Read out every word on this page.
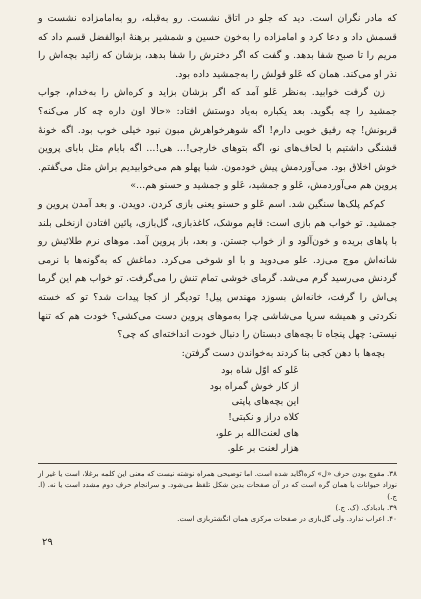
که مادر نگران است. دید که جلو در اتاق نشست. رو به‌قبله، رو به‌امامزاده نشست و قسمش داد و دعا کرد و امامزاده را به‌خون حسین و شمشیر برهنهٔ ابوالفضل قسم داد که مریم را تا صبح شفا بدهد. و گفت که اگر دخترش را شفا بدهد، بزشان که زائید بچه‌اش را نذر او می‌کند. همان که عَلو قولش را به‌جمشید داده بود.

زن گرفت خوابید. به‌نظر عَلو آمد که اگر بزشان بزاید و کره‌اش را به‌خدام، جواب جمشید را چه بگوید. بعد یکباره به‌یاد دوستش افتاد: «حالا اون داره چه کار می‌کنه؟ قربونش! چه رفیق خوبی دارم! اگه شوهرخواهرش مبون نبود خیلی خوب بود. اگه خونهٔ قشنگی داشتیم با لحاف‌های نو، اگه بتوهای خارجی!... هی!... اگه بابام مثل بابای پروین خوش اخلاق بود. می‌آوردمش پیش خودمون. شبا پهلو هم می‌خوابیدیم براش مثل می‌گفتم. پروین هم می‌آوردمش، عَلو و جمشید، عَلو و جمشید و حسنو هم...»

کم‌کم پلک‌ها سنگین شد. اسم عَلو و حسنو یعنی بازی کردن. دویدن. و بعد آمدن پروین و جمشید. تو خواب هم بازی است: قایم موشک، کاغذبازی، گل‌بازی، پائین افتادن ازنخلی بلند با پاهای بریده و خون‌آلود و از خواب جستن. و بعد، باز پروین آمد. موهای نرم طلائیش رو شانه‌اش موج می‌زد. علو می‌دوید و با او شوخی می‌کرد. دماغش که به‌گونه‌ها با نرمی گردنش می‌رسید گرم می‌شد. گرمای خوشی تمام تنش را می‌گرفت. تو خواب هم این گرما پی‌اش را گرفت، خانه‌اش بسوزد مهندس پیل! تودیگر از کجا پیدات شد؟ تو که خسته نکردتی و همیشه سرپا می‌شاشی چرا به‌موهای پروین دست می‌کشی؟ خودت هم که تنها نیستی: چهل پنجاه تا بچه‌های دبستان را دنبال خودت انداخته‌ای که چی؟

بچه‌ها با دهن کجی بنا کردند به‌خواندن دست گرفتن:

عَلو که اوّل شاه بود
از کار خوش گمراه بود
این بچه‌های پاپتی
کلاه دراز و نکبتی!
های لعنت‌الله بر علو،
هزار لعنت بر علو.

۳۸. مقوچ بودن حرف «ل» کره‌اگاید شده است. اما توضیحی همراه نوشته نیست که معنی این کلمه برغلا، است یا غیر از نوزاد حیوانات یا همان گره است که در آن صفحات بدین شکل تلفظ می‌شود. و سرانجام حرف دوم مشدد است یا نه. (ا. ج.)

۳۹. بادبادک. (ک. ج.)

۴۰. اعراب ندارد. ولی گل‌بازی در صفحات مرکزی همان انگشتربازی است.

۲۹
